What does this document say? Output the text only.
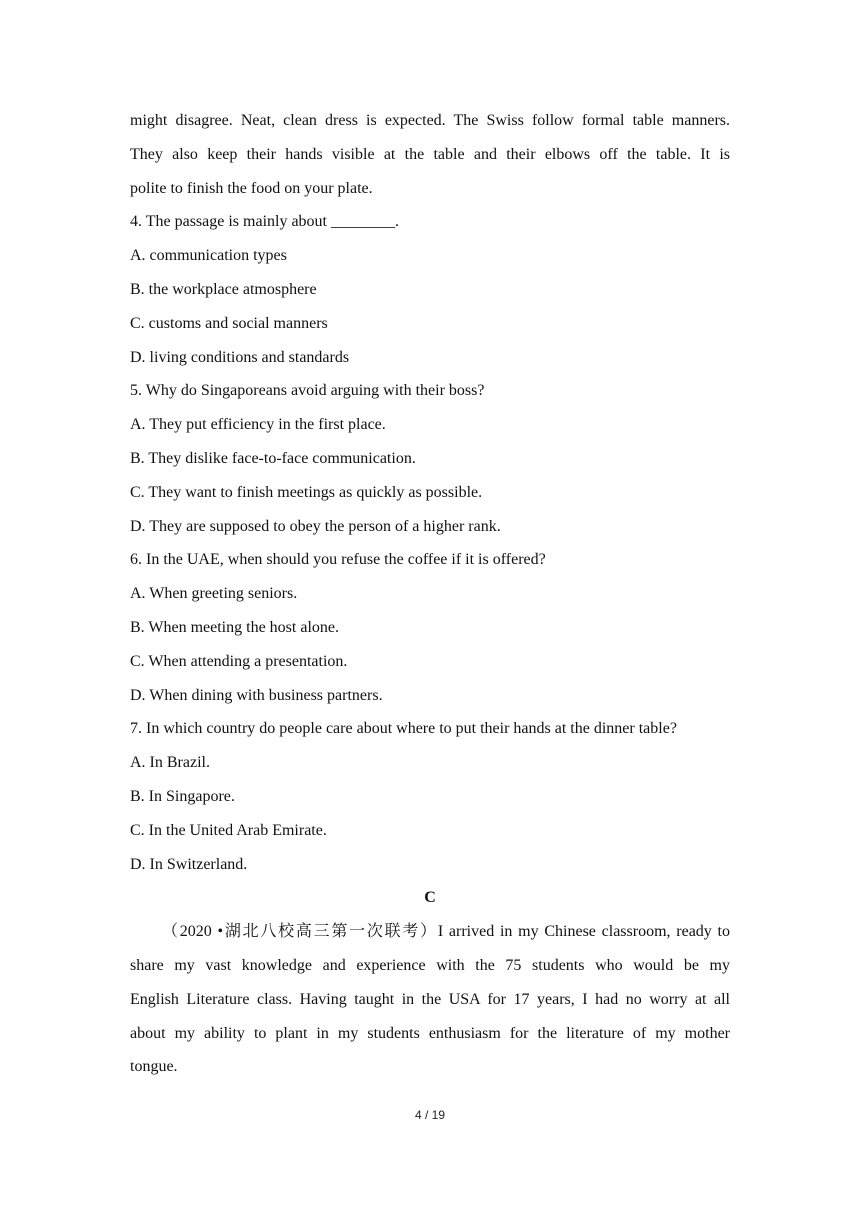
might disagree. Neat, clean dress is expected. The Swiss follow formal table manners.

They also keep their hands visible at the table and their elbows off the table. It is

polite to finish the food on your plate.

4. The passage is mainly about ________.

A. communication types

B. the workplace atmosphere

C. customs and social manners

D. living conditions and standards

5. Why do Singaporeans avoid arguing with their boss?

A. They put efficiency in the first place.

B. They dislike face-to-face communication.

C. They want to finish meetings as quickly as possible.

D. They are supposed to obey the person of a higher rank.

6. In the UAE, when should you refuse the coffee if it is offered?

A. When greeting seniors.

B. When meeting the host alone.

C. When attending a presentation.

D. When dining with business partners.

7. In which country do people care about where to put their hands at the dinner table?

A. In Brazil.

B. In Singapore.

C. In the United Arab Emirate.

D. In Switzerland.

C

（2020 •湖北八校高三第一次联考）I arrived in my Chinese classroom, ready to

share my vast knowledge and experience with the 75 students who would be my

English Literature class. Having taught in the USA for 17 years, I had no worry at all

about my ability to plant in my students enthusiasm for the literature of my mother

tongue.

4 / 19
